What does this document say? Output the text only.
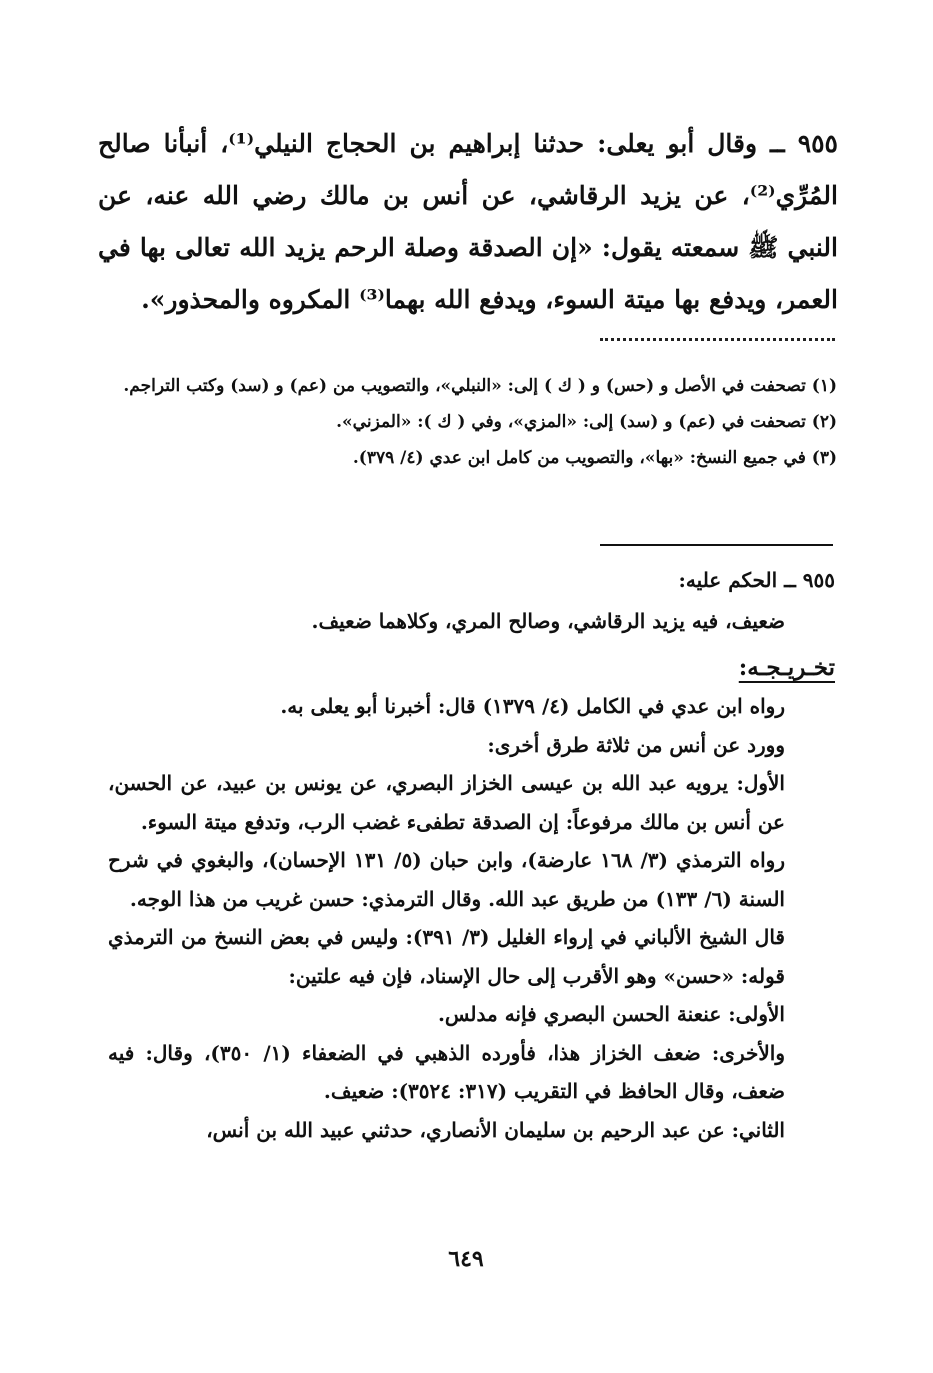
٩٥٥ ــ وقال أبو يعلى: حدثنا إبراهيم بن الحجاج النيلي⁽¹⁾، أنبأنا صالح المُرِّي⁽²⁾، عن يزيد الرقاشي، عن أنس بن مالك رضي الله عنه، عن النبي ﷺ سمعته يقول: «إن الصدقة وصلة الرحم يزيد الله تعالى بها في العمر، ويدفع بها ميتة السوء، ويدفع الله بهما⁽³⁾ المكروه والمحذور».

(١) تصحفت في الأصل و (حس) و ( ك ) إلى: «النبلي»، والتصويب من (عم) و (سد) وكتب التراجم.

(٢) تصحفت في (عم) و (سد) إلى: «المزي»، وفي ( ك ): «المزني».

(٣) في جميع النسخ: «بها»، والتصويب من كامل ابن عدي (٤/ ٣٧٩).

٩٥٥ ــ الحكم عليه:

ضعيف، فيه يزيد الرقاشي، وصالح المري، وكلاهما ضعيف.

تخـريـجـه:

رواه ابن عدي في الكامل (٤/ ١٣٧٩) قال: أخبرنا أبو يعلى به.

وورد عن أنس من ثلاثة طرق أخرى:

الأول: يرويه عبد الله بن عيسى الخزاز البصري، عن يونس بن عبيد، عن الحسن، عن أنس بن مالك مرفوعاً: إن الصدقة تطفىء غضب الرب، وتدفع ميتة السوء.

رواه الترمذي (٣/ ١٦٨ عارضة)، وابن حبان (٥/ ١٣١ الإحسان)، والبغوي في شرح السنة (٦/ ١٣٣) من طريق عبد الله. وقال الترمذي: حسن غريب من هذا الوجه.

قال الشيخ الألباني في إرواء الغليل (٣/ ٣٩١): وليس في بعض النسخ من الترمذي قوله: «حسن» وهو الأقرب إلى حال الإسناد، فإن فيه علتين:

الأولى: عنعنة الحسن البصري فإنه مدلس.

والأخرى: ضعف الخزاز هذا، فأورده الذهبي في الضعفاء (١/ ٣٥٠)، وقال: فيه ضعف، وقال الحافظ في التقريب (٣١٧: ٣٥٢٤): ضعيف.

الثاني: عن عبد الرحيم بن سليمان الأنصاري، حدثني عبيد الله بن أنس،

٦٤٩
